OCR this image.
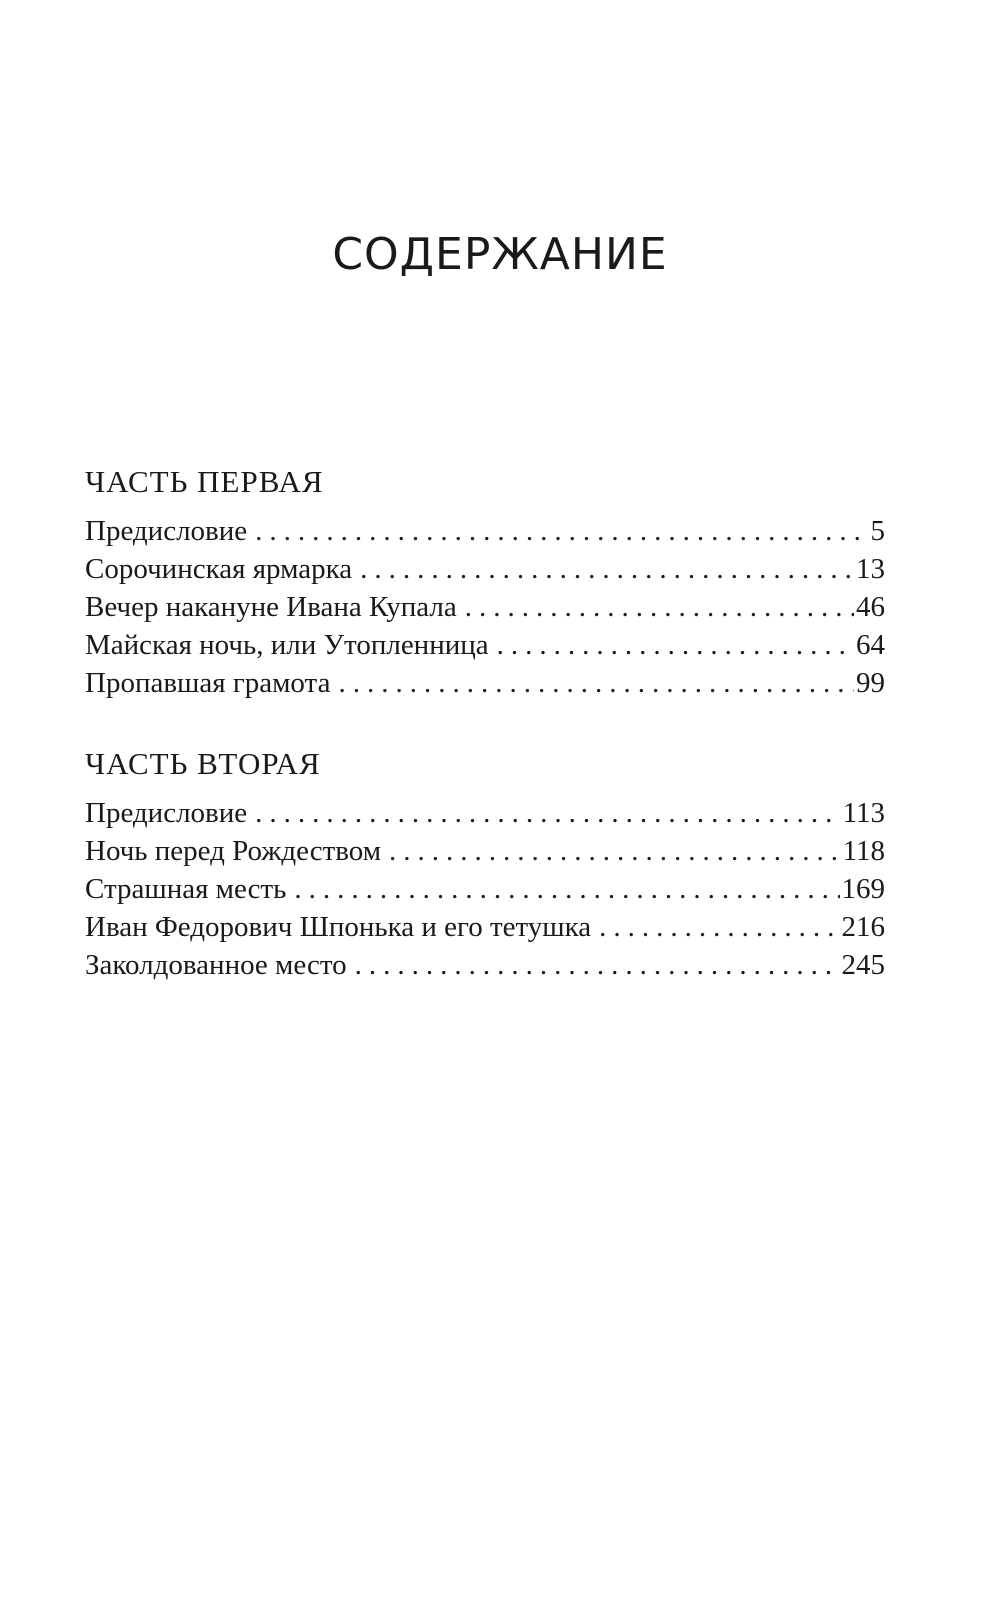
СОДЕРЖАНИЕ
ЧАСТЬ ПЕРВАЯ
Предисловие .....	5
Сорочинская ярмарка .....	13
Вечер накануне Ивана Купала .....	46
Майская ночь, или Утопленница .....	64
Пропавшая грамота .....	99
ЧАСТЬ ВТОРАЯ
Предисловие .....	113
Ночь перед Рождеством .....	118
Страшная месть .....	169
Иван Федорович Шпонька и его тетушка .....	216
Заколдованное место .....	245
